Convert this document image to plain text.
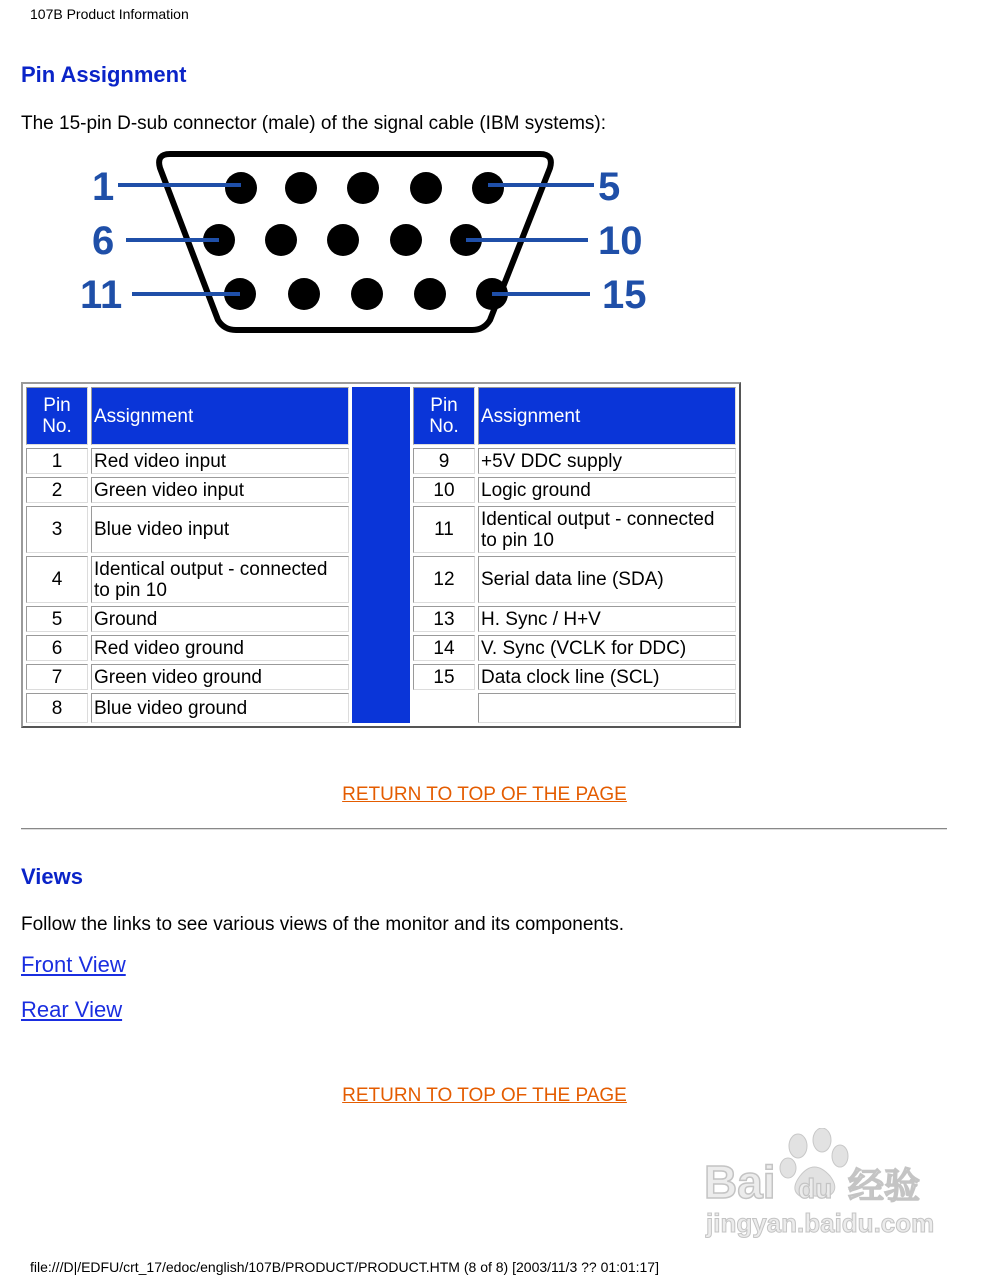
107B Product Information
Pin Assignment

The 15-pin D-sub connector (male) of the signal cable (IBM systems):

1	5
6	10
11	15
Pin No.	Assignment		Pin No.	Assignment
1	Red video input		9	+5V DDC supply
2	Green video input		10	Logic ground
3	Blue video input		11	Identical output - connected to pin 10
4	Identical output - connected to pin 10		12	Serial data line (SDA)
5	Ground		13	H. Sync / H+V
6	Red video ground		14	V. Sync (VCLK for DDC)
7	Green video ground		15	Data clock line (SCL)
8	Blue video ground			
RETURN TO TOP OF THE PAGE
Views

Follow the links to see various views of the monitor and its components.

Front View
Rear View
RETURN TO TOP OF THE PAGE
Bai du 经验
jingyan.baidu.com
file:///D|/EDFU/crt_17/edoc/english/107B/PRODUCT/PRODUCT.HTM (8 of 8) [2003/11/3 ?? 01:01:17]
